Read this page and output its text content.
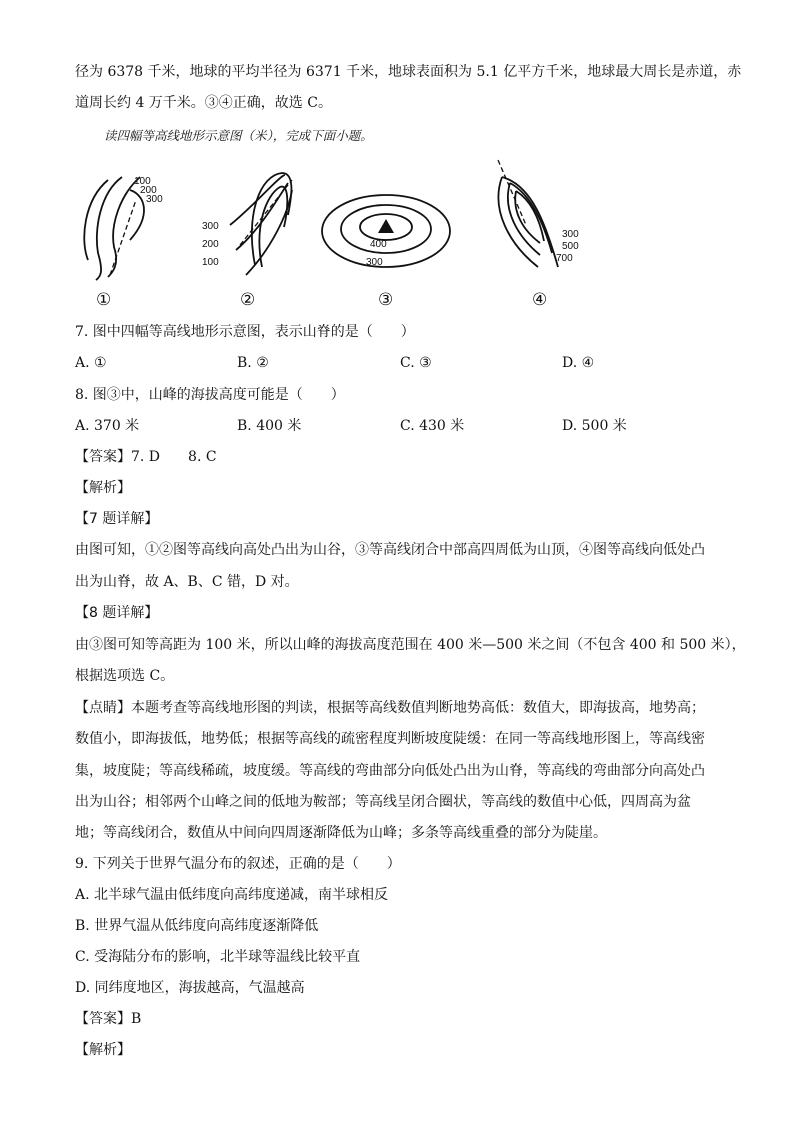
径为 6378 千米，地球的平均半径为 6371 千米，地球表面积为 5.1 亿平方千米，地球最大周长是赤道，赤
道周长约 4 万千米。③④正确，故选 C。
读四幅等高线地形示意图（米），完成下面小题。
100
200
300
300
200
100
400
300
300
500
700
①	②	③	④
7. 图中四幅等高线地形示意图，表示山脊的是（　　）
A. ①	B. ②	C. ③	D. ④
8. 图③中，山峰的海拔高度可能是（　　）
A. 370 米	B. 400 米	C. 430 米	D. 500 米
【答案】7. D　　8. C
【解析】
【7 题详解】
由图可知，①②图等高线向高处凸出为山谷，③等高线闭合中部高四周低为山顶，④图等高线向低处凸
出为山脊，故 A、B、C 错，D 对。
【8 题详解】
由③图可知等高距为 100 米，所以山峰的海拔高度范围在 400 米—500 米之间（不包含 400 和 500 米），
根据选项选 C。
【点睛】本题考查等高线地形图的判读，根据等高线数值判断地势高低：数值大，即海拔高，地势高；
数值小，即海拔低，地势低；根据等高线的疏密程度判断坡度陡缓：在同一等高线地形图上，等高线密
集，坡度陡；等高线稀疏，坡度缓。等高线的弯曲部分向低处凸出为山脊，等高线的弯曲部分向高处凸
出为山谷；相邻两个山峰之间的低地为鞍部；等高线呈闭合圈状，等高线的数值中心低，四周高为盆
地；等高线闭合，数值从中间向四周逐渐降低为山峰；多条等高线重叠的部分为陡崖。
9. 下列关于世界气温分布的叙述，正确的是（　　）
A. 北半球气温由低纬度向高纬度递减，南半球相反
B. 世界气温从低纬度向高纬度逐渐降低
C. 受海陆分布的影响，北半球等温线比较平直
D. 同纬度地区，海拔越高，气温越高
【答案】B
【解析】
